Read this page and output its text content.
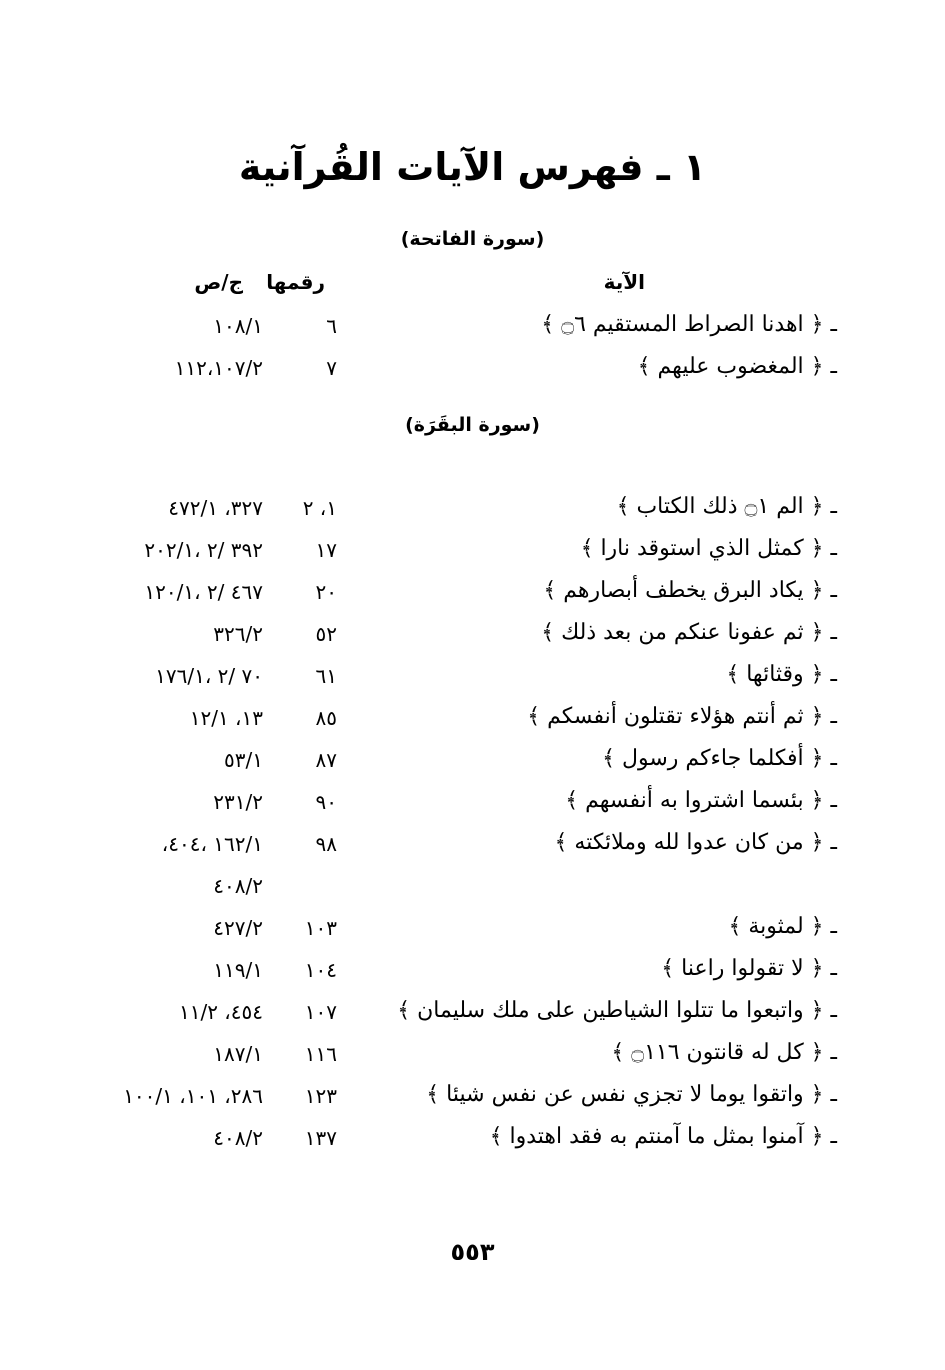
١ ـ فهرس الآيات القُرآنية
(سورة الفاتحة)
الآية
رقمها
ج/ص
ـ ﴿ اهدنا الصراط المستقيم ۝٦ ﴾
٦
١٠٨/١
ـ ﴿ المغضوب عليهم ﴾
٧
١١٢،١٠٧/٢
(سورة البقَرَة)
ـ ﴿ الم ۝١ ذلك الكتاب ﴾
١، ٢
٣٢٧، ٤٧٢/١
ـ ﴿ كمثل الذي استوقد نارا ﴾
١٧
٣٩٢ /٢ ،٢٠٢/١
ـ ﴿ يكاد البرق يخطف أبصارهم ﴾
٢٠
٤٦٧ /٢ ،١٢٠/١
ـ ﴿ ثم عفونا عنكم من بعد ذلك ﴾
٥٢
٣٢٦/٢
ـ ﴿ وقثائها ﴾
٦١
٧٠ /٢ ،١٧٦/١
ـ ﴿ ثم أنتم هؤلاء تقتلون أنفسكم ﴾
٨٥
١٣، ١٢/١
ـ ﴿ أفكلما جاءكم رسول ﴾
٨٧
٥٣/١
ـ ﴿ بئسما اشتروا به أنفسهم ﴾
٩٠
٢٣١/٢
ـ ﴿ من كان عدوا لله وملائكته ﴾
٩٨
١٦٢/١ ،٤٠٤،
٤٠٨/٢
ـ ﴿ لمثوبة ﴾
١٠٣
٤٢٧/٢
ـ ﴿ لا تقولوا راعنا ﴾
١٠٤
١١٩/١
ـ ﴿ واتبعوا ما تتلوا الشياطين على ملك سليمان ﴾
١٠٧
٤٥٤، ١١/٢
ـ ﴿ كل له قانتون ۝١١٦ ﴾
١١٦
١٨٧/١
ـ ﴿ واتقوا يوما لا تجزي نفس عن نفس شيئا ﴾
١٢٣
٢٨٦، ١٠١، ١٠٠/١
ـ ﴿ آمنوا بمثل ما آمنتم به فقد اهتدوا ﴾
١٣٧
٤٠٨/٢
٥٥٣
